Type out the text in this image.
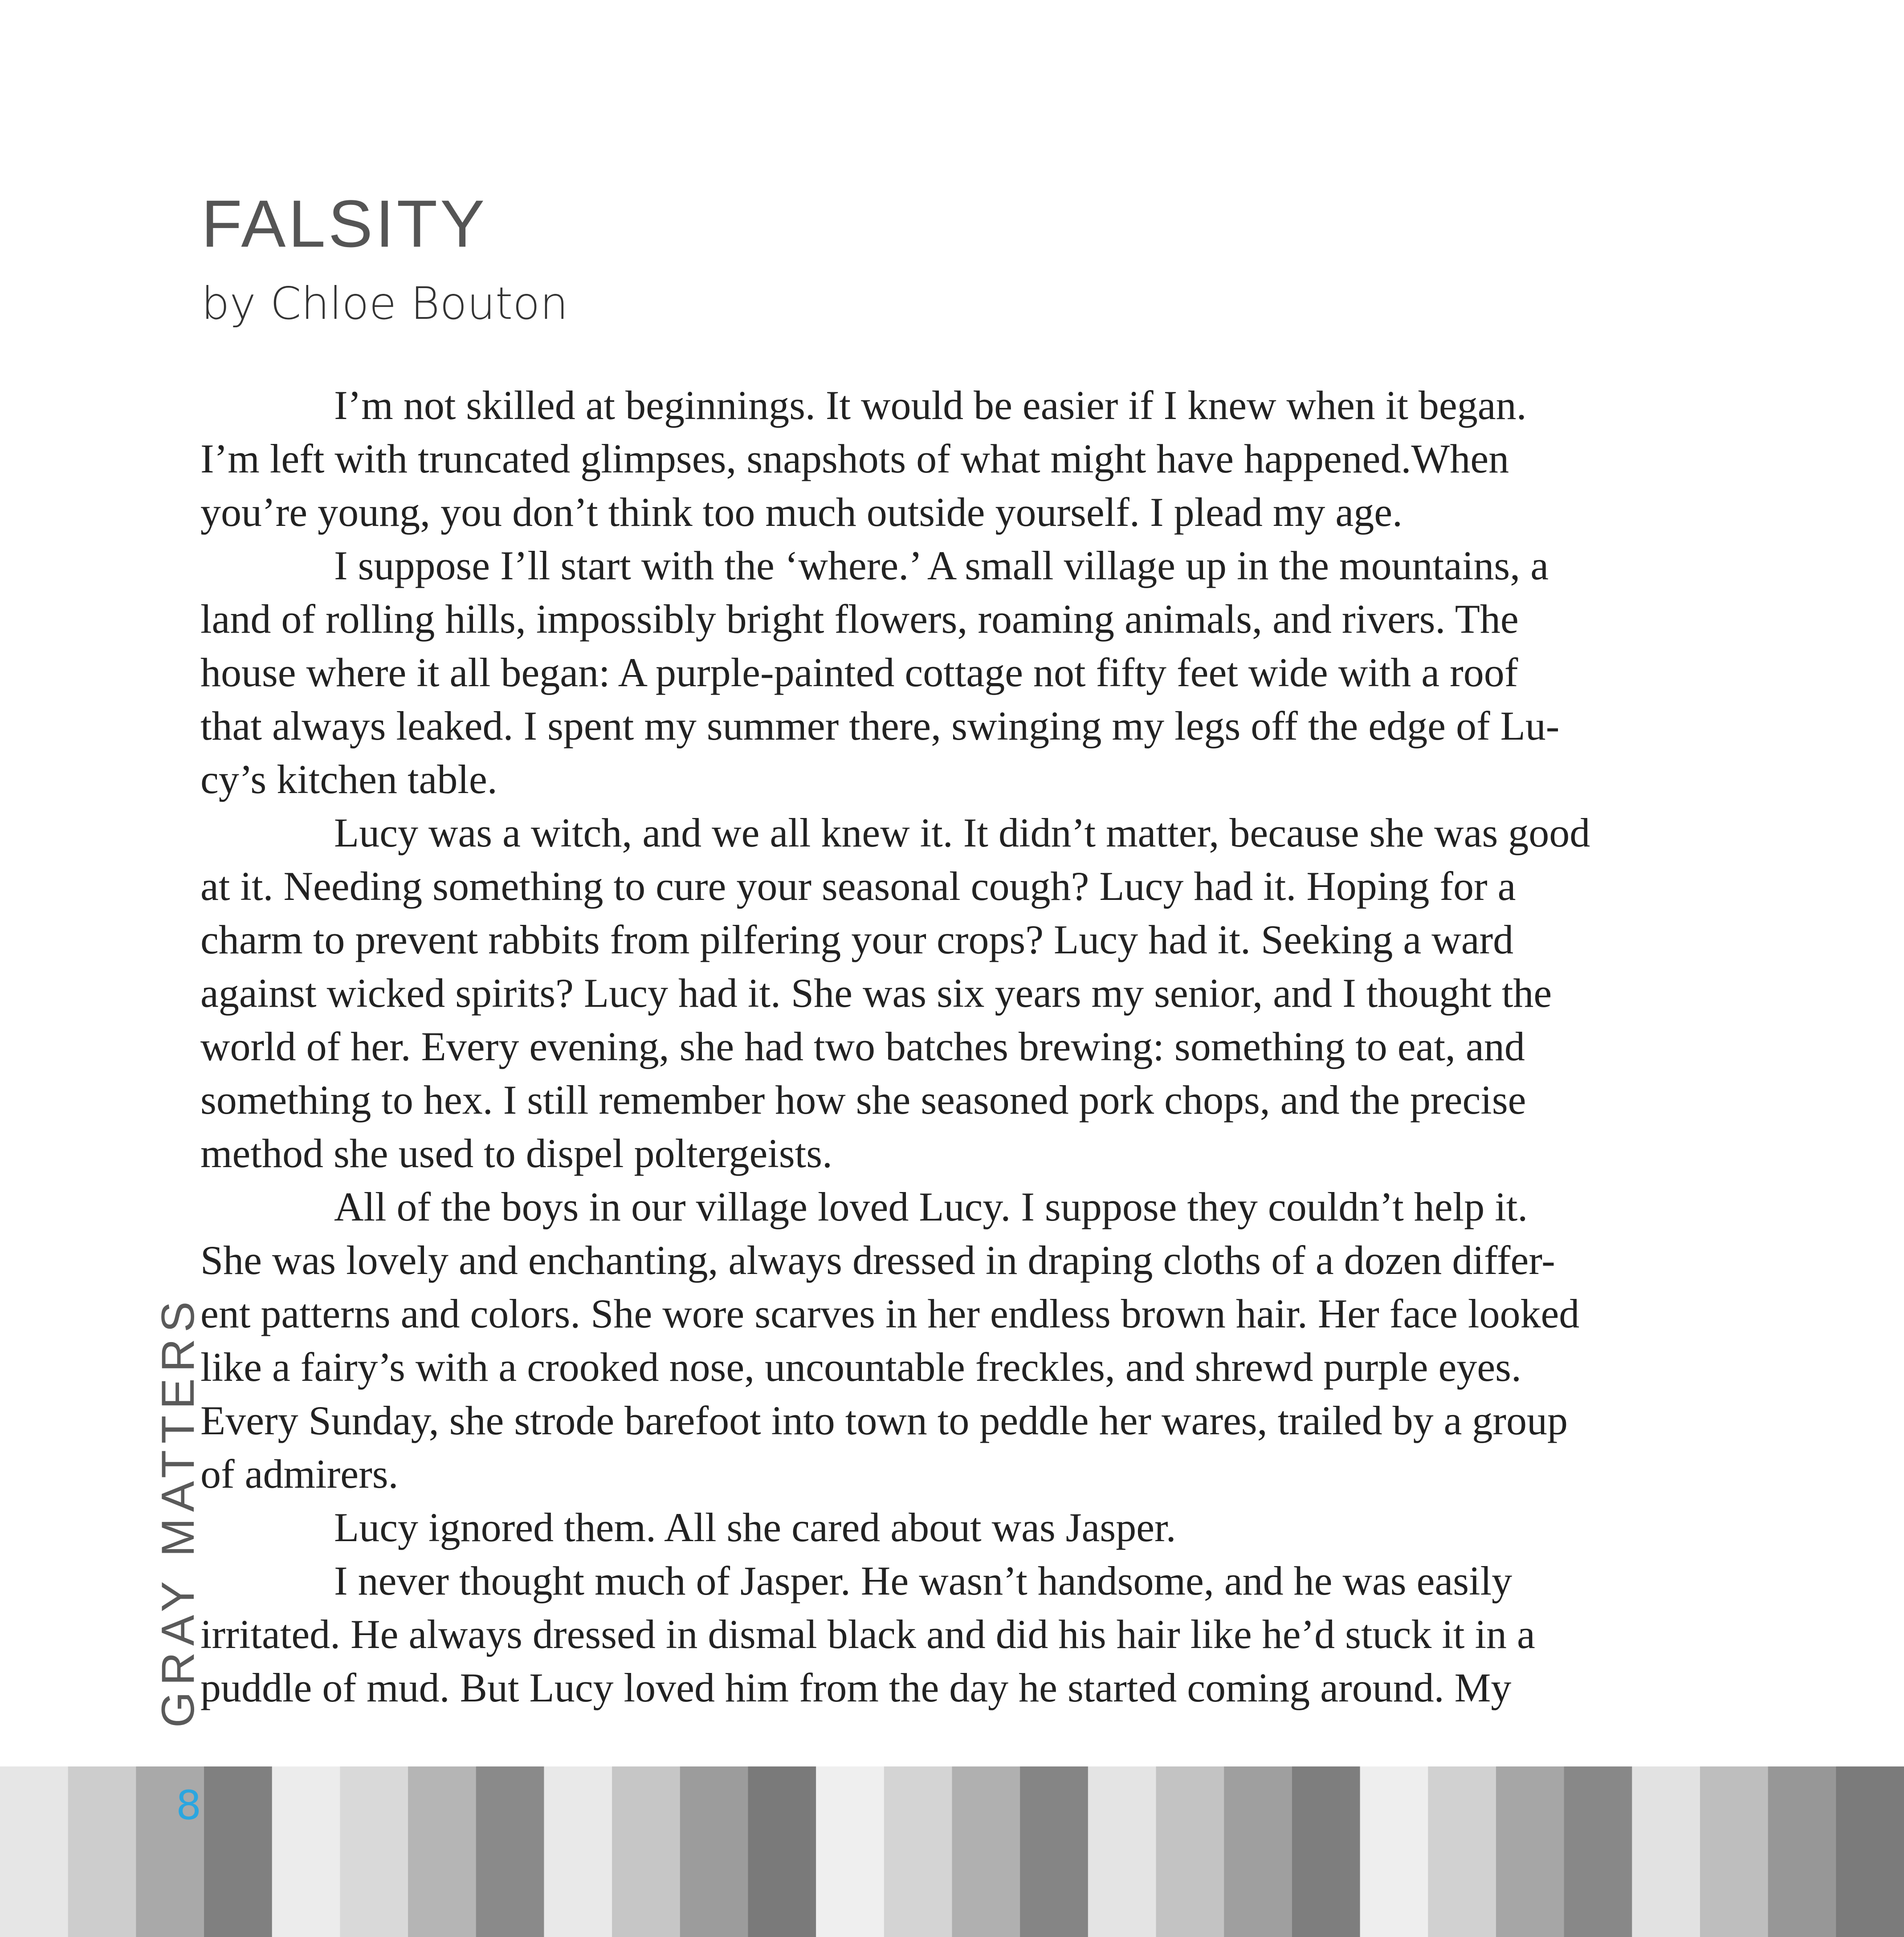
FALSITY

by Chloe Bouton

I’m not skilled at beginnings. It would be easier if I knew when it began.
I’m left with truncated glimpses, snapshots of what might have happened.When
you’re young, you don’t think too much outside yourself. I plead my age.
I suppose I’ll start with the ‘where.’ A small village up in the mountains, a
land of rolling hills, impossibly bright flowers, roaming animals, and rivers. The
house where it all began: A purple-painted cottage not fifty feet wide with a roof
that always leaked. I spent my summer there, swinging my legs off the edge of Lu-
cy’s kitchen table.
Lucy was a witch, and we all knew it. It didn’t matter, because she was good
at it. Needing something to cure your seasonal cough? Lucy had it. Hoping for a
charm to prevent rabbits from pilfering your crops? Lucy had it. Seeking a ward
against wicked spirits? Lucy had it. She was six years my senior, and I thought the
world of her. Every evening, she had two batches brewing: something to eat, and
something to hex. I still remember how she seasoned pork chops, and the precise
method she used to dispel poltergeists.
All of the boys in our village loved Lucy. I suppose they couldn’t help it.
She was lovely and enchanting, always dressed in draping cloths of a dozen differ-
ent patterns and colors. She wore scarves in her endless brown hair. Her face looked
like a fairy’s with a crooked nose, uncountable freckles, and shrewd purple eyes.
Every Sunday, she strode barefoot into town to peddle her wares, trailed by a group
of admirers.
Lucy ignored them. All she cared about was Jasper.
I never thought much of Jasper. He wasn’t handsome, and he was easily
irritated. He always dressed in dismal black and did his hair like he’d stuck it in a
puddle of mud. But Lucy loved him from the day he started coming around. My
GRAY MATTERS
8
